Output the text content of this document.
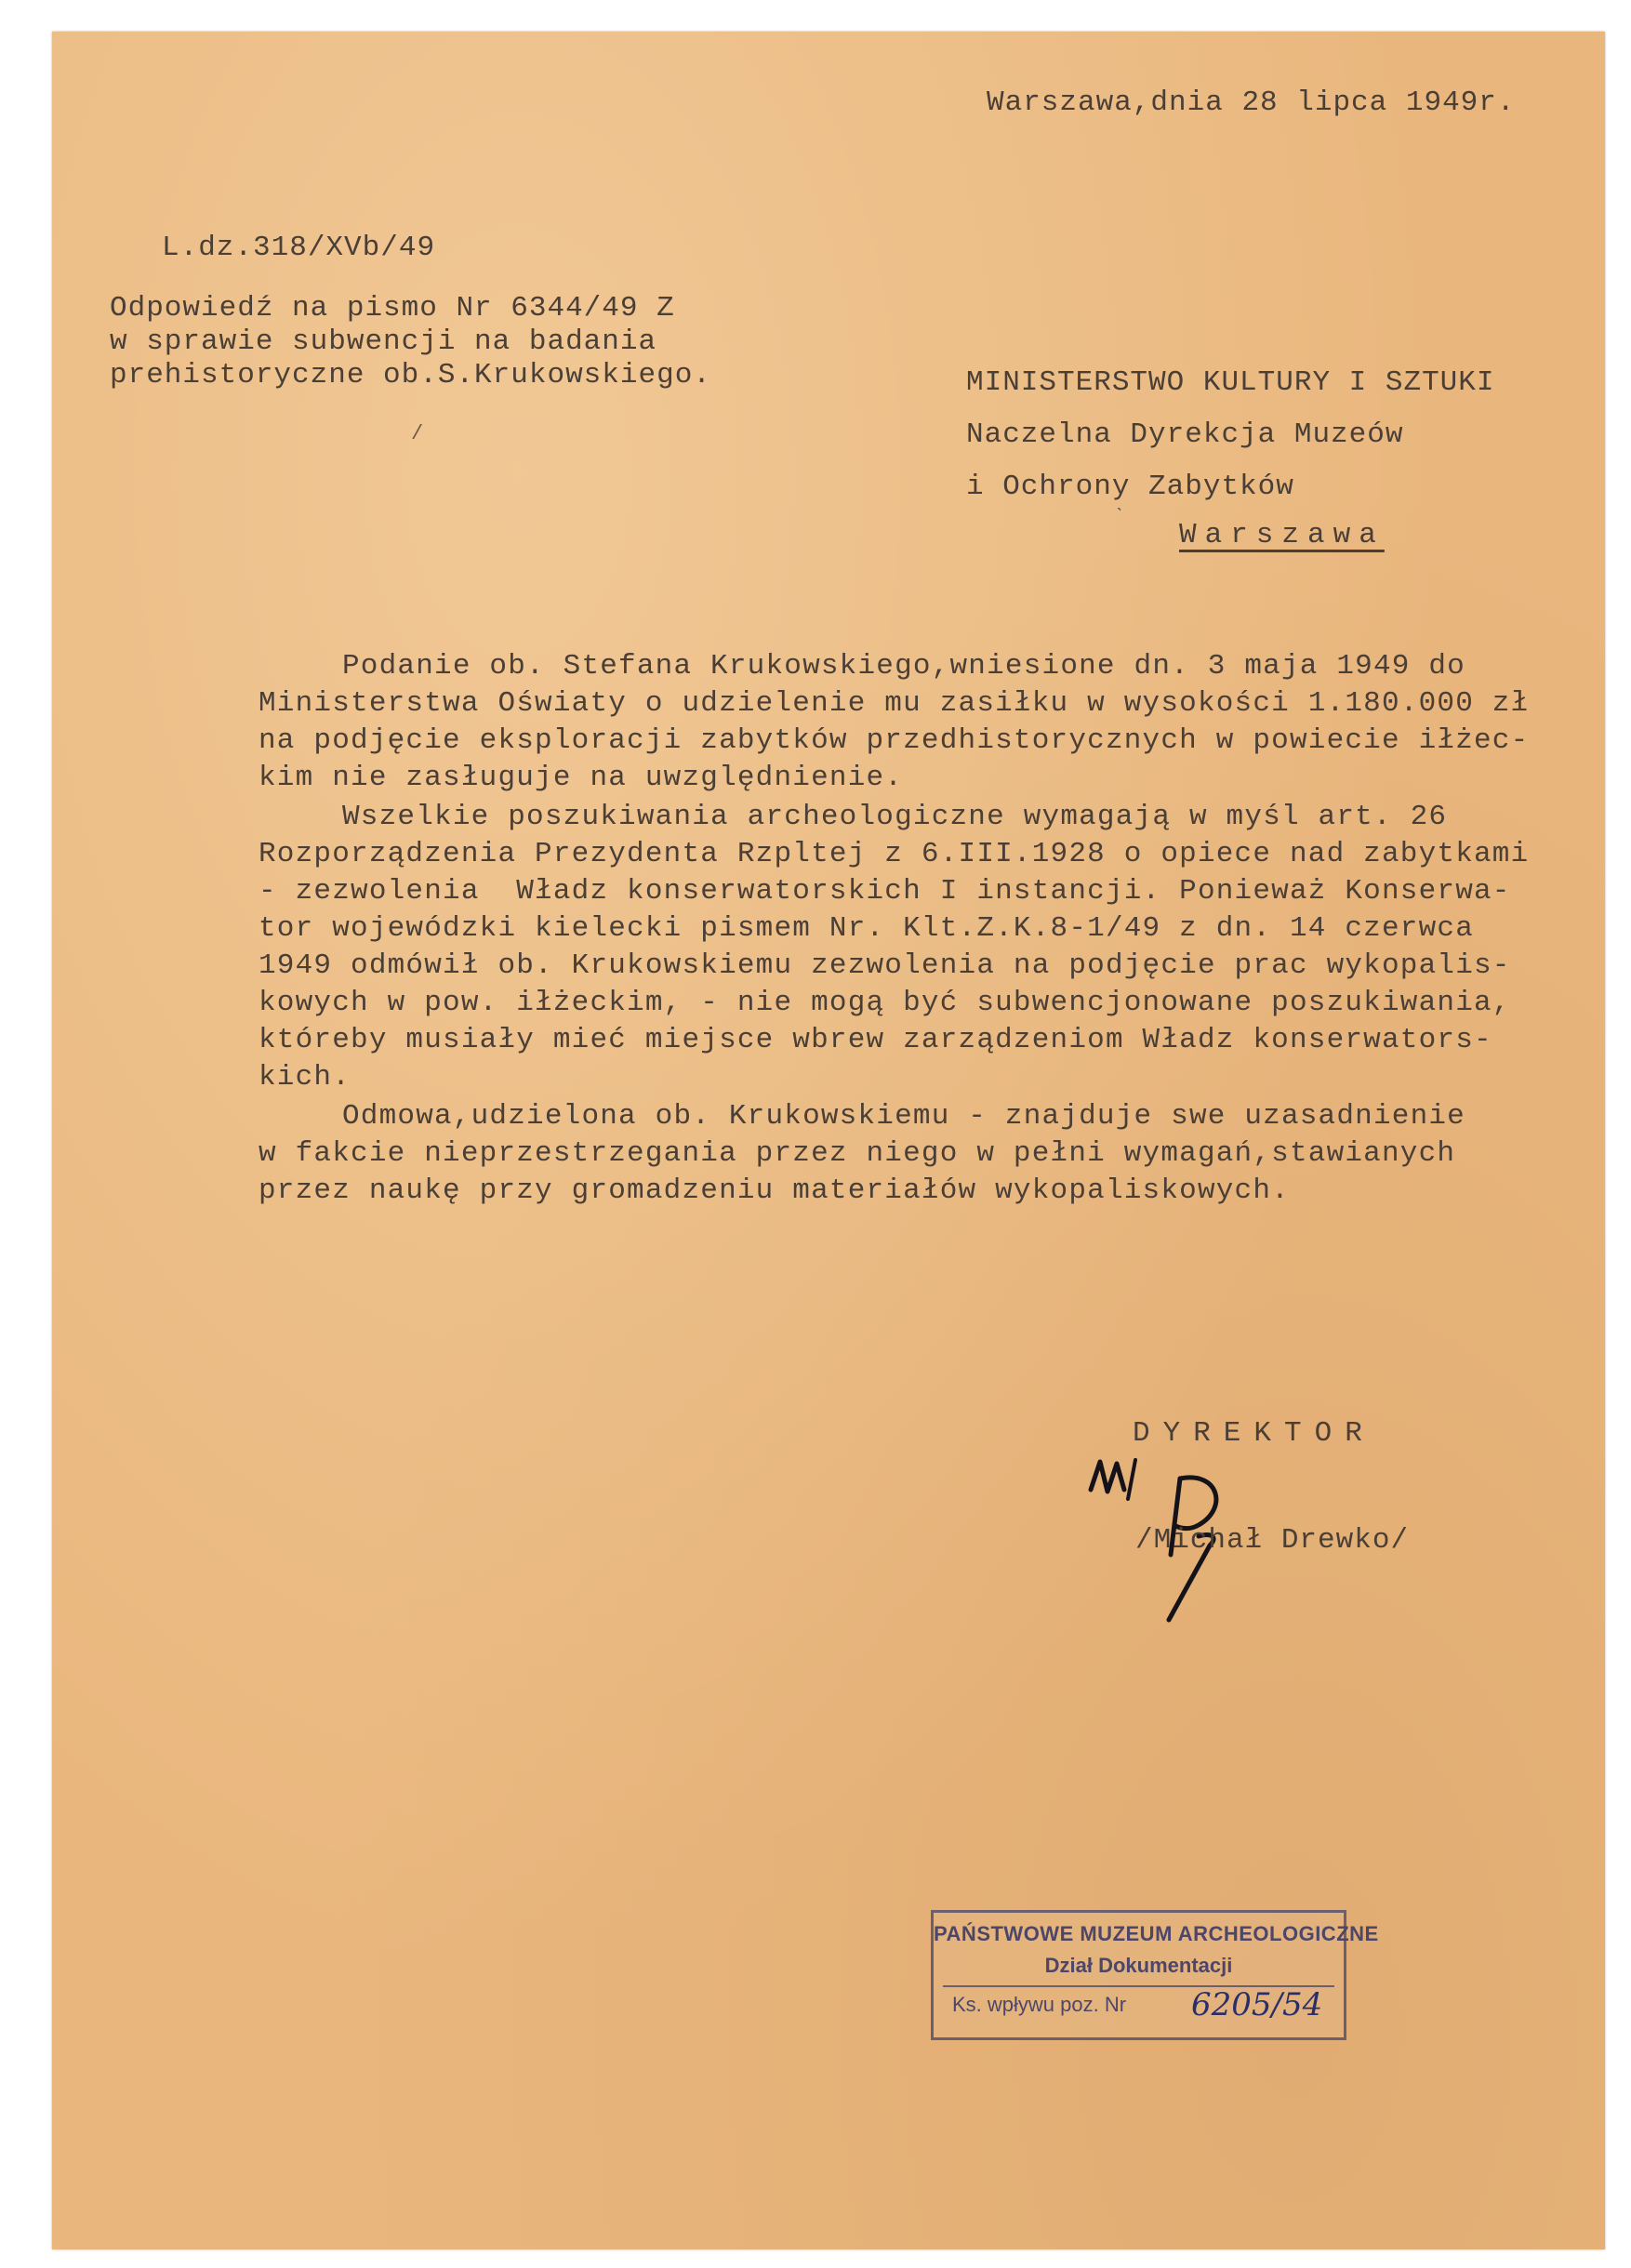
Warszawa,dnia 28 lipca 1949r.
L.dz.318/XVb/49
Odpowiedź na pismo Nr 6344/49 Z
w sprawie subwencji na badania
prehistoryczne ob.S.Krukowskiego.	MINISTERSTWO KULTURY I SZTUKI
Naczelna Dyrekcja Muzeów
i Ochrony Zabytków
Warszawa
/
ˋ
Podanie ob. Stefana Krukowskiego,wniesione dn. 3 maja 1949 do
Ministerstwa Oświaty o udzielenie mu zasiłku w wysokości 1.180.000 zł
na podjęcie eksploracji zabytków przedhistorycznych w powiecie iłżec-
kim nie zasługuje na uwzględnienie.
Wszelkie poszukiwania archeologiczne wymagają w myśl art. 26
Rozporządzenia Prezydenta Rzpltej z 6.III.1928 o opiece nad zabytkami
- zezwolenia  Władz konserwatorskich I instancji. Ponieważ Konserwa-
tor wojewódzki kielecki pismem Nr. Klt.Z.K.8-1/49 z dn. 14 czerwca
1949 odmówił ob. Krukowskiemu zezwolenia na podjęcie prac wykopalis-
kowych w pow. iłżeckim, - nie mogą być subwencjonowane poszukiwania,
któreby musiały mieć miejsce wbrew zarządzeniom Władz konserwators-
kich.
Odmowa,udzielona ob. Krukowskiemu - znajduje swe uzasadnienie
w fakcie nieprzestrzegania przez niego w pełni wymagań,stawianych
przez naukę przy gromadzeniu materiałów wykopaliskowych.
DYREKTOR
/Michał Drewko/
PAŃSTWOWE MUZEUM ARCHEOLOGICZNE
Dział Dokumentacji
Ks. wpływu poz. Nr 6205/54
